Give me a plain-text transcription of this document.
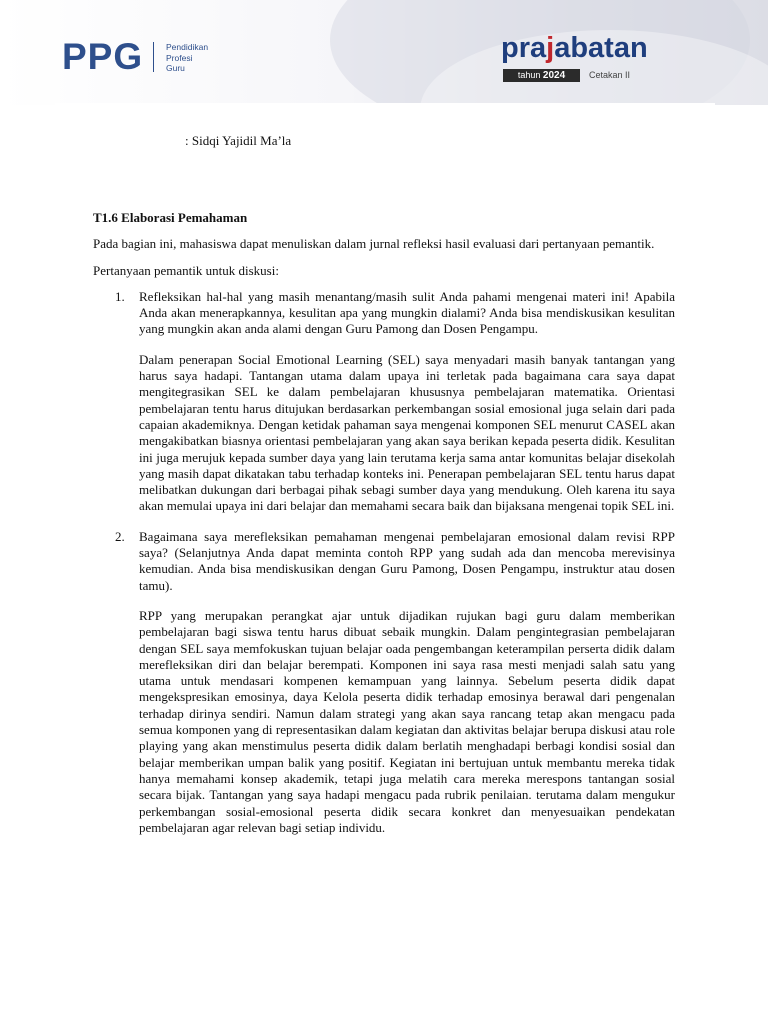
PPG	Pendidikan
Profesi
Guru
prajabatan
tahun 2024	Cetakan II
: Sidqi Yajidil Ma’la
T1.6 Elaborasi Pemahaman

Pada bagian ini, mahasiswa dapat menuliskan dalam jurnal refleksi hasil evaluasi dari pertanyaan pemantik.

Pertanyaan pemantik untuk diskusi:

1. Refleksikan hal-hal yang masih menantang/masih sulit Anda pahami mengenai materi ini! Apabila Anda akan menerapkannya, kesulitan apa yang mungkin dialami? Anda bisa mendiskusikan kesulitan yang mungkin akan anda alami dengan Guru Pamong dan Dosen Pengampu.

Dalam penerapan Social Emotional Learning (SEL) saya menyadari masih banyak tantangan yang harus saya hadapi. Tantangan utama dalam upaya ini terletak pada bagaimana cara saya dapat mengitegrasikan SEL ke dalam pembelajaran khususnya pembelajaran matematika. Orientasi pembelajaran tentu harus ditujukan berdasarkan perkembangan sosial emosional juga selain dari pada capaian akademiknya. Dengan ketidak pahaman saya mengenai komponen SEL menurut CASEL akan mengakibatkan biasnya orientasi pembelajaran yang akan saya berikan kepada peserta didik. Kesulitan ini juga merujuk kepada sumber daya yang lain terutama kerja sama antar komunitas belajar disekolah yang masih dapat dikatakan tabu terhadap konteks ini. Penerapan pembelajaran SEL tentu harus dapat melibatkan dukungan dari berbagai pihak sebagi sumber daya yang mendukung. Oleh karena itu saya akan memulai upaya ini dari belajar dan memahami secara baik dan bijaksana mengenai topik SEL ini.
2. Bagaimana saya merefleksikan pemahaman mengenai pembelajaran emosional dalam revisi RPP saya? (Selanjutnya Anda dapat meminta contoh RPP yang sudah ada dan mencoba merevisinya kemudian. Anda bisa mendiskusikan dengan Guru Pamong, Dosen Pengampu, instruktur atau dosen tamu).

RPP yang merupakan perangkat ajar untuk dijadikan rujukan bagi guru dalam memberikan pembelajaran bagi siswa tentu harus dibuat sebaik mungkin. Dalam pengintegrasian pembelajaran dengan SEL saya memfokuskan tujuan belajar oada pengembangan keterampilan perserta didik dalam merefleksikan diri dan belajar berempati. Komponen ini saya rasa mesti menjadi salah satu yang utama untuk mendasari kompenen kemampuan yang lainnya. Sebelum peserta didik dapat mengekspresikan emosinya, daya Kelola peserta didik terhadap emosinya berawal dari pengenalan terhadap dirinya sendiri. Namun dalam strategi yang akan saya rancang tetap akan mengacu pada semua komponen yang di representasikan dalam kegiatan dan aktivitas belajar berupa diskusi atau role playing yang akan menstimulus peserta didik dalam berlatih menghadapi berbagi kondisi sosial dan belajar memberikan umpan balik yang positif. Kegiatan ini bertujuan untuk membantu mereka tidak hanya memahami konsep akademik, tetapi juga melatih cara mereka merespons tantangan sosial secara bijak. Tantangan yang saya hadapi mengacu pada rubrik penilaian. terutama dalam mengukur perkembangan sosial-emosional peserta didik secara konkret dan menyesuaikan pendekatan pembelajaran agar relevan bagi setiap individu.
